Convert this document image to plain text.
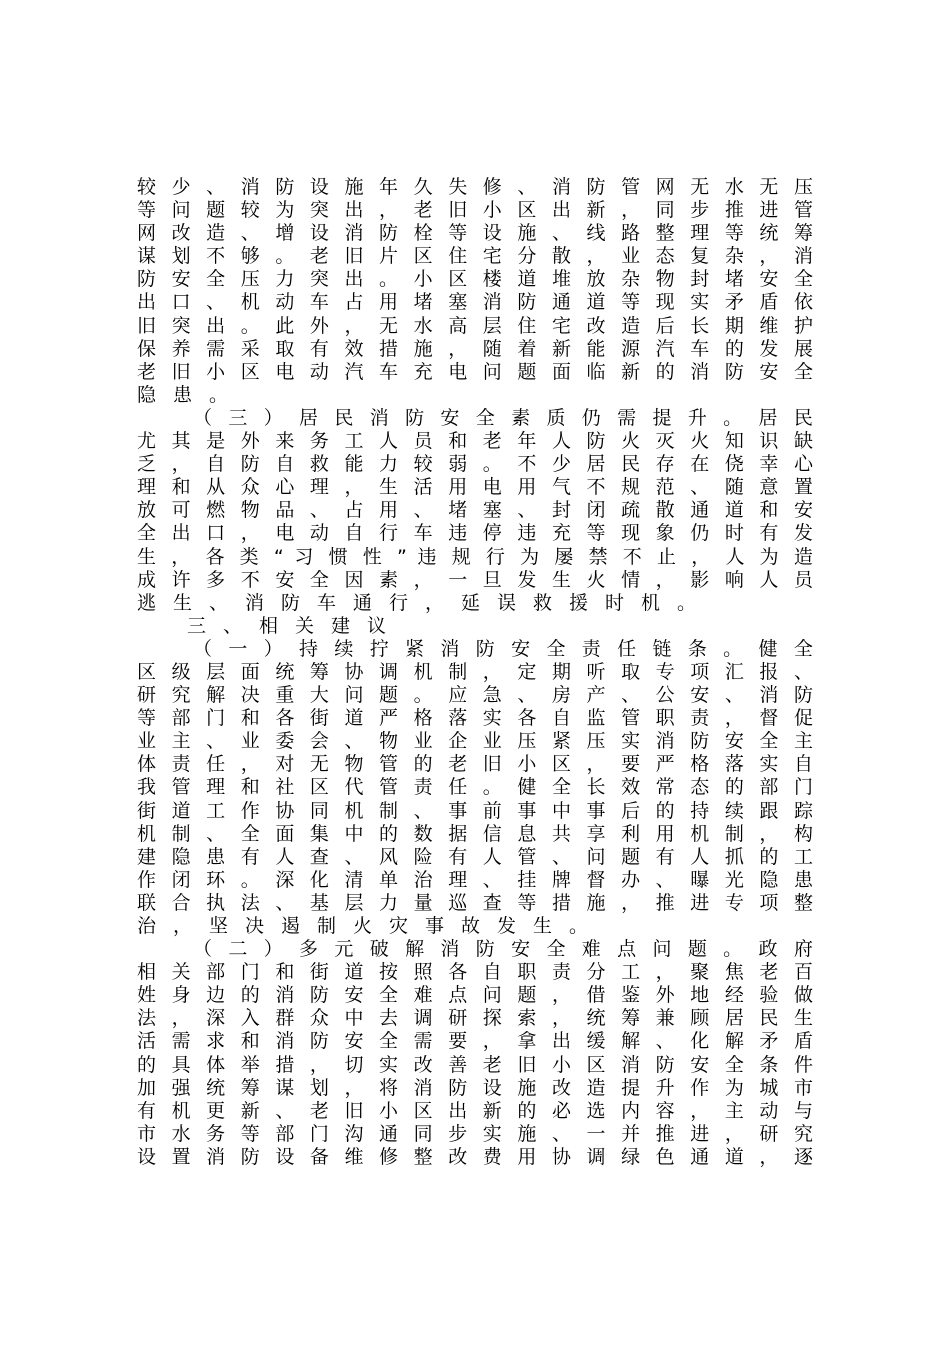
较 少 、 消 防 设 施 年 久 失 修 、 消 防 管 网 无 水 无 压
等 问 题 较 为 突 出 ， 老 旧 小 区 出 新 ， 同 步 推 进 管
网 改 造 、 增 设 消 防 栓 等 设 施 、 线 路 整 理 等 统 筹
谋 划 不 够 。 老 旧 片 区 住 宅 分 散 ， 业 态 复 杂 ， 消
防 安 全 压 力 突 出 。 小 区 楼 道 堆 放 杂 物 封 堵 安 全
出 口 、 机 动 车 占 用 堵 塞 消 防 通 道 等 现 实 矛 盾 依
旧 突 出 。 此 外 ， 无 水 高 层 住 宅 改 造 后 长 期 维 护
保 养 需 采 取 有 效 措 施 ， 随 着 新 能 源 汽 车 的 发 展
老 旧 小 区 电 动 汽 车 充 电 问 题 面 临 新 的 消 防 安 全
隐患。
（ 三 ） 居 民 消 防 安 全 素 质 仍 需 提 升 。 居 民
尤 其 是 外 来 务 工 人 员 和 老 年 人 防 火 灭 火 知 识 缺
乏 ， 自 防 自 救 能 力 较 弱 。 不 少 居 民 存 在 侥 幸 心
理 和 从 众 心 理 ， 生 活 用 电 用 气 不 规 范 、 随 意 置
放 可 燃 物 品 、 占 用 、 堵 塞 、 封 闭 疏 散 通 道 和 安
全 出 口 ， 电 动 自 行 车 违 停 违 充 等 现 象 仍 时 有 发
生 ， 各 类 “ 习 惯 性 ” 违 规 行 为 屡 禁 不 止 ， 人 为 造
成 许 多 不 安 全 因 素 ， 一 旦 发 生 火 情 ， 影 响 人 员
逃生、消防车通行，延误救援时机。
三、相关建议
（ 一 ） 持 续 拧 紧 消 防 安 全 责 任 链 条 。 健 全
区 级 层 面 统 筹 协 调 机 制 ， 定 期 听 取 专 项 汇 报 、
研 究 解 决 重 大 问 题 。 应 急 、 房 产 、 公 安 、 消 防
等 部 门 和 各 街 道 严 格 落 实 各 自 监 管 职 责 ， 督 促
业 主 、 业 委 会 、 物 业 企 业 压 紧 压 实 消 防 安 全 主
体 责 任 ， 对 无 物 管 的 老 旧 小 区 ， 要 严 格 落 实 自
我 管 理 和 社 区 代 管 责 任 。 健 全 长 效 常 态 的 部 门
街 道 工 作 协 同 机 制 、 事 前 事 中 事 后 的 持 续 跟 踪
机 制 、 全 面 集 中 的 数 据 信 息 共 享 利 用 机 制 ， 构
建 隐 患 有 人 查 、 风 险 有 人 管 、 问 题 有 人 抓 的 工
作 闭 环 。 深 化 清 单 治 理 、 挂 牌 督 办 、 曝 光 隐 患
联 合 执 法 、 基 层 力 量 巡 查 等 措 施 ， 推 进 专 项 整
治，坚决遏制火灾事故发生。
（ 二 ） 多 元 破 解 消 防 安 全 难 点 问 题 。 政 府
相 关 部 门 和 街 道 按 照 各 自 职 责 分 工 ， 聚 焦 老 百
姓 身 边 的 消 防 安 全 难 点 问 题 ， 借 鉴 外 地 经 验 做
法 ， 深 入 群 众 中 去 调 研 探 索 ， 统 筹 兼 顾 居 民 生
活 需 求 和 消 防 安 全 需 要 ， 拿 出 缓 解 、 化 解 矛 盾
的 具 体 举 措 ， 切 实 改 善 老 旧 小 区 消 防 安 全 条 件
加 强 统 筹 谋 划 ， 将 消 防 设 施 改 造 提 升 作 为 城 市
有 机 更 新 、 老 旧 小 区 出 新 的 必 选 内 容 ， 主 动 与
市 水 务 等 部 门 沟 通 同 步 实 施 、 一 并 推 进 ， 研 究
设 置 消 防 设 备 维 修 整 改 费 用 协 调 绿 色 通 道 ， 逐
